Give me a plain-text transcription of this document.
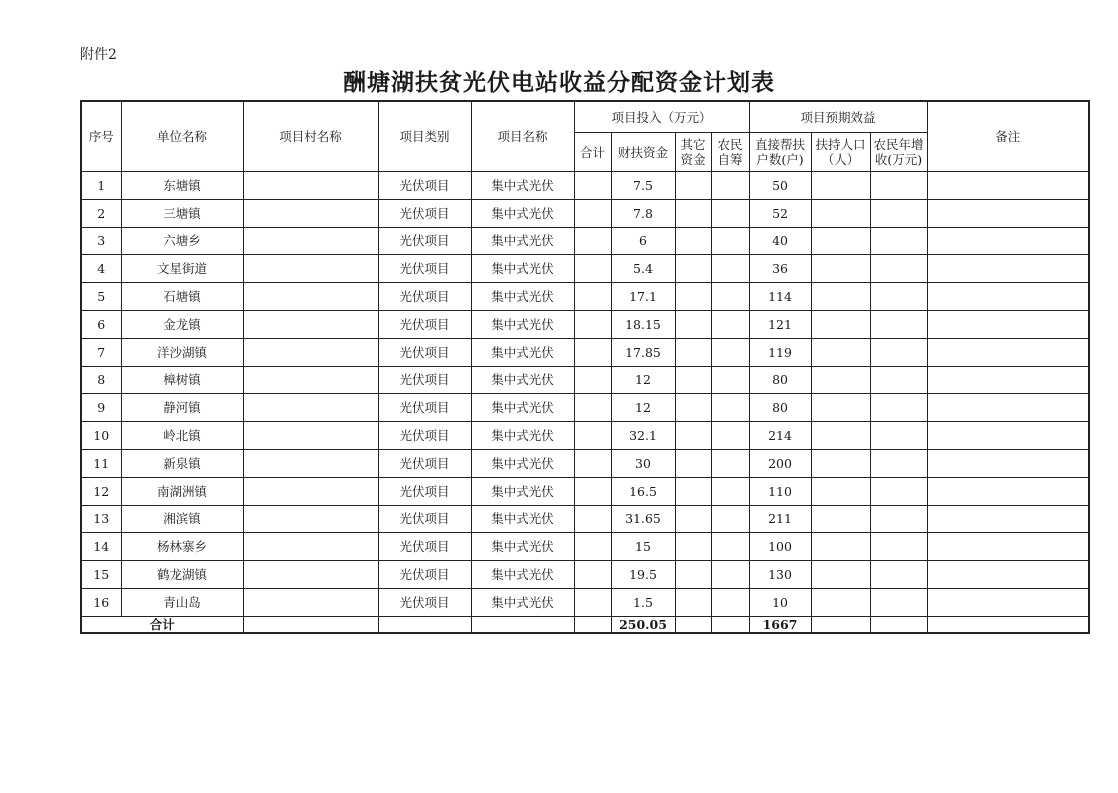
附件2
酬塘湖扶贫光伏电站收益分配资金计划表
序号	单位名称	项目村名称	项目类别	项目名称	项目投入（万元）				项目预期效益			备注
					合计	财扶资金	其它资金	农民自筹	直接帮扶户数(户)	扶持人口（人）	农民年增收(万元)	
1	东塘镇		光伏项目	集中式光伏		7.5			50			
2	三塘镇		光伏项目	集中式光伏		7.8			52			
3	六塘乡		光伏项目	集中式光伏		6			40			
4	文星街道		光伏项目	集中式光伏		5.4			36			
5	石塘镇		光伏项目	集中式光伏		17.1			114			
6	金龙镇		光伏项目	集中式光伏		18.15			121			
7	洋沙湖镇		光伏项目	集中式光伏		17.85			119			
8	樟树镇		光伏项目	集中式光伏		12			80			
9	静河镇		光伏项目	集中式光伏		12			80			
10	岭北镇		光伏项目	集中式光伏		32.1			214			
11	新泉镇		光伏项目	集中式光伏		30			200			
12	南湖洲镇		光伏项目	集中式光伏		16.5			110			
13	湘滨镇		光伏项目	集中式光伏		31.65			211			
14	杨林寨乡		光伏项目	集中式光伏		15			100			
15	鹤龙湖镇		光伏项目	集中式光伏		19.5			130			
16	青山岛		光伏项目	集中式光伏		1.5			10			
合计						250.05			1667			
